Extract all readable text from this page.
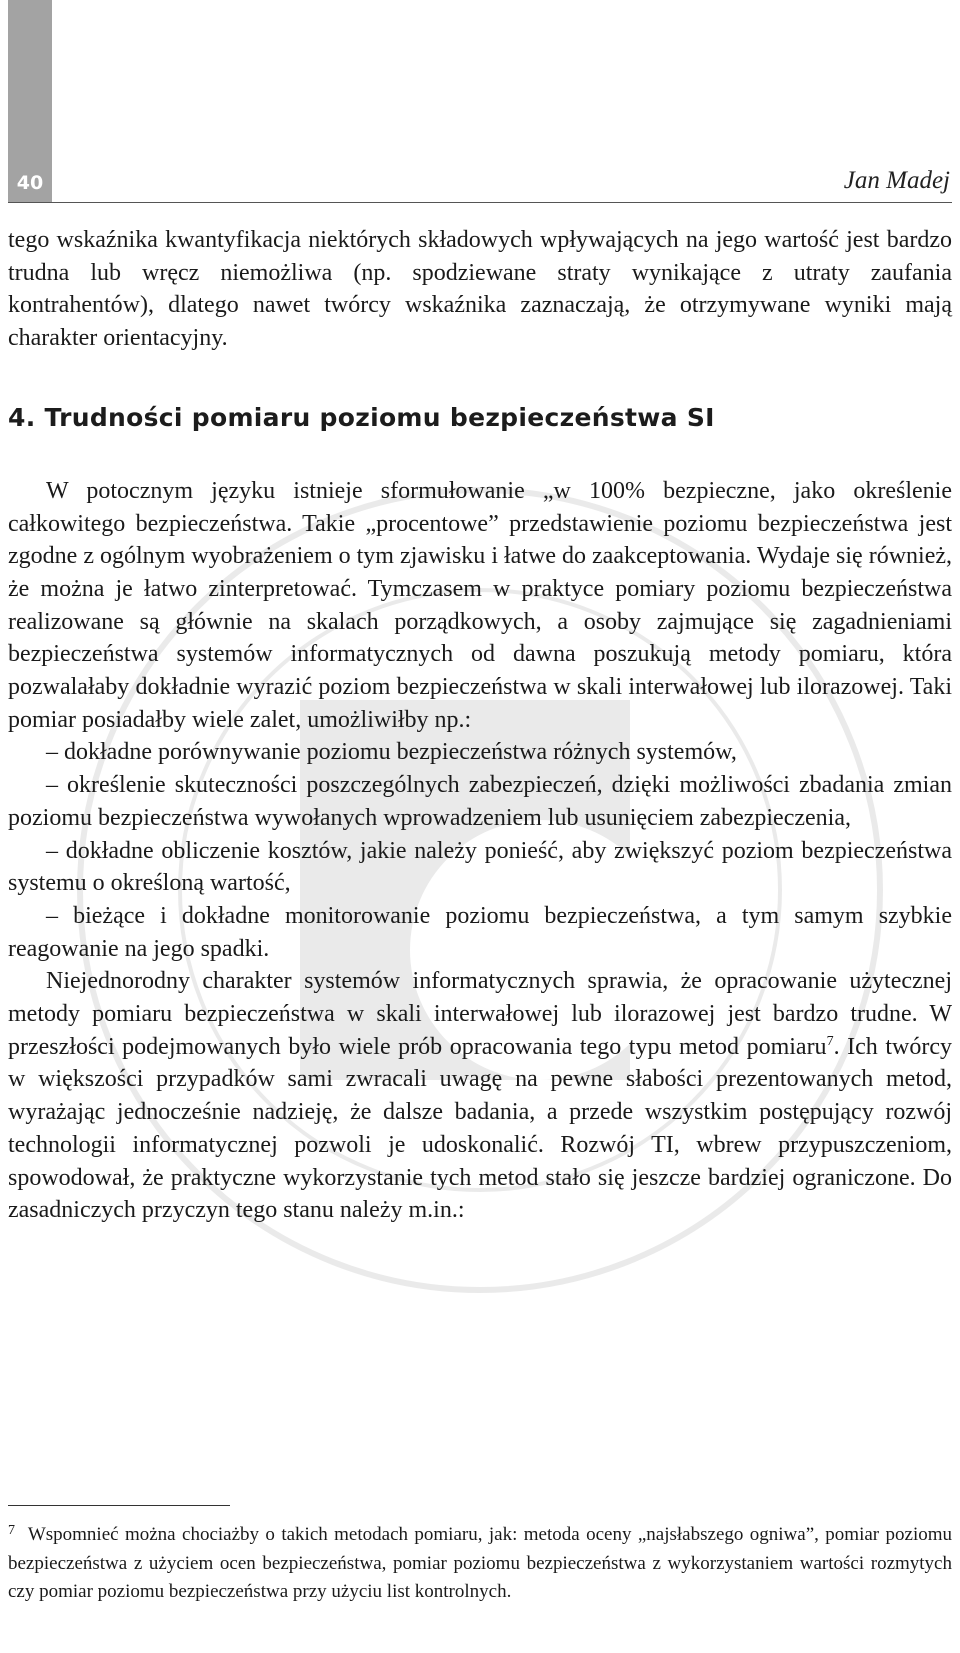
40	Jan Madej

tego wskaźnika kwantyfikacja niektórych składowych wpływających na jego wartość jest bardzo trudna lub wręcz niemożliwa (np. spodziewane straty wynikające z utraty zaufania kontrahentów), dlatego nawet twórcy wskaźnika zaznaczają, że otrzymywane wyniki mają charakter orientacyjny.

4. Trudności pomiaru poziomu bezpieczeństwa SI

W potocznym języku istnieje sformułowanie „w 100% bezpieczne, jako określenie całkowitego bezpieczeństwa. Takie „procentowe” przedstawienie poziomu bezpieczeństwa jest zgodne z ogólnym wyobrażeniem o tym zjawisku i łatwe do zaakceptowania. Wydaje się również, że można je łatwo zinterpretować. Tymczasem w praktyce pomiary poziomu bezpieczeństwa realizowane są głównie na skalach porządkowych, a osoby zajmujące się zagadnieniami bezpieczeństwa systemów informatycznych od dawna poszukują metody pomiaru, która pozwalałaby dokładnie wyrazić poziom bezpieczeństwa w skali interwałowej lub ilorazowej. Taki pomiar posiadałby wiele zalet, umożliwiłby np.:

– dokładne porównywanie poziomu bezpieczeństwa różnych systemów,

– określenie skuteczności poszczególnych zabezpieczeń, dzięki możliwości zbadania zmian poziomu bezpieczeństwa wywołanych wprowadzeniem lub usunięciem zabezpieczenia,

– dokładne obliczenie kosztów, jakie należy ponieść, aby zwiększyć poziom bezpieczeństwa systemu o określoną wartość,

– bieżące i dokładne monitorowanie poziomu bezpieczeństwa, a tym samym szybkie reagowanie na jego spadki.

Niejednorodny charakter systemów informatycznych sprawia, że opracowanie użytecznej metody pomiaru bezpieczeństwa w skali interwałowej lub ilorazowej jest bardzo trudne. W przeszłości podejmowanych było wiele prób opracowania tego typu metod pomiaru$^7$. Ich twórcy w większości przypadków sami zwracali uwagę na pewne słabości prezentowanych metod, wyrażając jednocześnie nadzieję, że dalsze badania, a przede wszystkim postępujący rozwój technologii informatycznej pozwoli je udoskonalić. Rozwój TI, wbrew przypuszczeniom, spowodował, że praktyczne wykorzystanie tych metod stało się jeszcze bardziej ograniczone. Do zasadniczych przyczyn tego stanu należy m.in.:

$^7$ Wspomnieć można chociażby o takich metodach pomiaru, jak: metoda oceny „najsłabszego ogniwa”, pomiar poziomu bezpieczeństwa z użyciem ocen bezpieczeństwa, pomiar poziomu bezpieczeństwa z wykorzystaniem wartości rozmytych czy pomiar poziomu bezpieczeństwa przy użyciu list kontrolnych.
